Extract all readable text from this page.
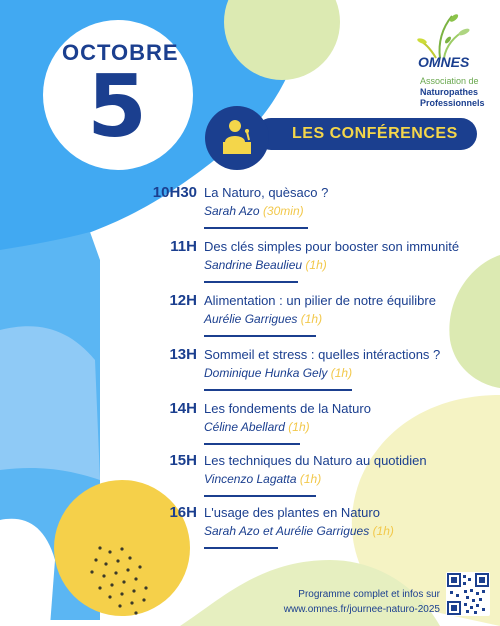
OCTOBRE
5	OMNES
Association de
Naturopathes
Professionnels
LES CONFÉRENCES
10H30 La Naturo, quèsaco ?
Sarah Azo (30min)
11H Des clés simples pour booster son immunité
Sandrine Beaulieu (1h)
12H Alimentation : un pilier de notre équilibre
Aurélie Garrigues (1h)
13H Sommeil et stress : quelles intéractions ?
Dominique Hunka Gely (1h)
14H Les fondements de la Naturo
Céline Abellard (1h)
15H Les techniques du Naturo au quotidien
Vincenzo Lagatta (1h)
16H L'usage des plantes en Naturo
Sarah Azo et Aurélie Garrigues (1h)
Programme complet et infos sur
www.omnes.fr/journee-naturo-2025
